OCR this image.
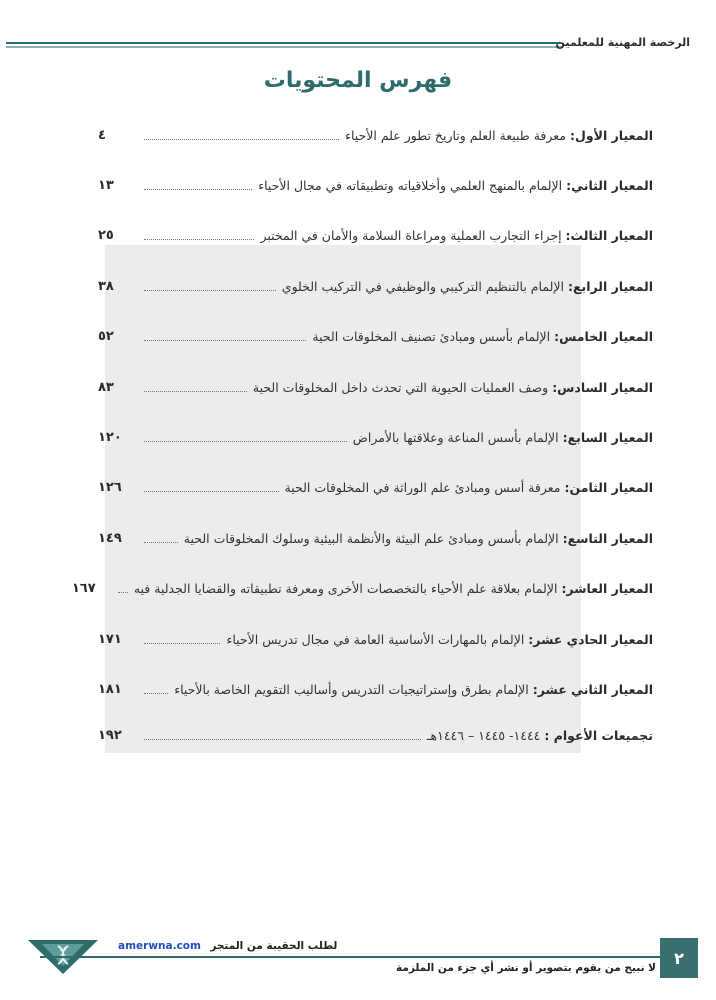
الرخصة المهنية للمعلمين
فهرس المحتويات
المعيار الأول: معرفة طبيعة العلم وتاريخ تطور علم الأحياء
٤
المعيار الثاني: الإلمام بالمنهج العلمي وأخلاقياته وتطبيقاته في مجال الأحياء
١٣
المعيار الثالث: إجراء التجارب العملية ومراعاة السلامة والأمان في المختبر
٢٥
المعيار الرابع: الإلمام بالتنظيم التركيبي والوظيفي في التركيب الخلوي
٣٨
المعيار الخامس: الإلمام بأسس ومبادئ تصنيف المخلوقات الحية
٥٢
المعيار السادس: وصف العمليات الحيوية التي تحدث داخل المخلوقات الحية
٨٣
المعيار السابع: الإلمام بأسس المناعة وعلاقتها بالأمراض
١٢٠
المعيار الثامن: معرفة أسس ومبادئ علم الوراثة في المخلوقات الحية
١٢٦
المعيار التاسع: الإلمام بأسس ومبادئ علم البيئة والأنظمة البيئية وسلوك المخلوقات الحية
١٤٩
المعيار العاشر: الإلمام بعلاقة علم الأحياء بالتخصصات الأخرى ومعرفة تطبيقاته والقضايا الجدلية فيه
١٦٧
المعيار الحادي عشر: الإلمام بالمهارات الأساسية العامة في مجال تدريس الأحياء
١٧١
المعيار الثاني عشر: الإلمام بطرق وإستراتيجيات التدريس وأساليب التقويم الخاصة بالأحياء
١٨١
تجميعات الأعوام : ١٤٤٤- ١٤٤٥ – ١٤٤٦هـ
١٩٢
amerwna.com لطلب الحقيبة من المتجر
لا نبيح من يقوم بتصوير أو نشر أي جزء من الملزمة
٢
